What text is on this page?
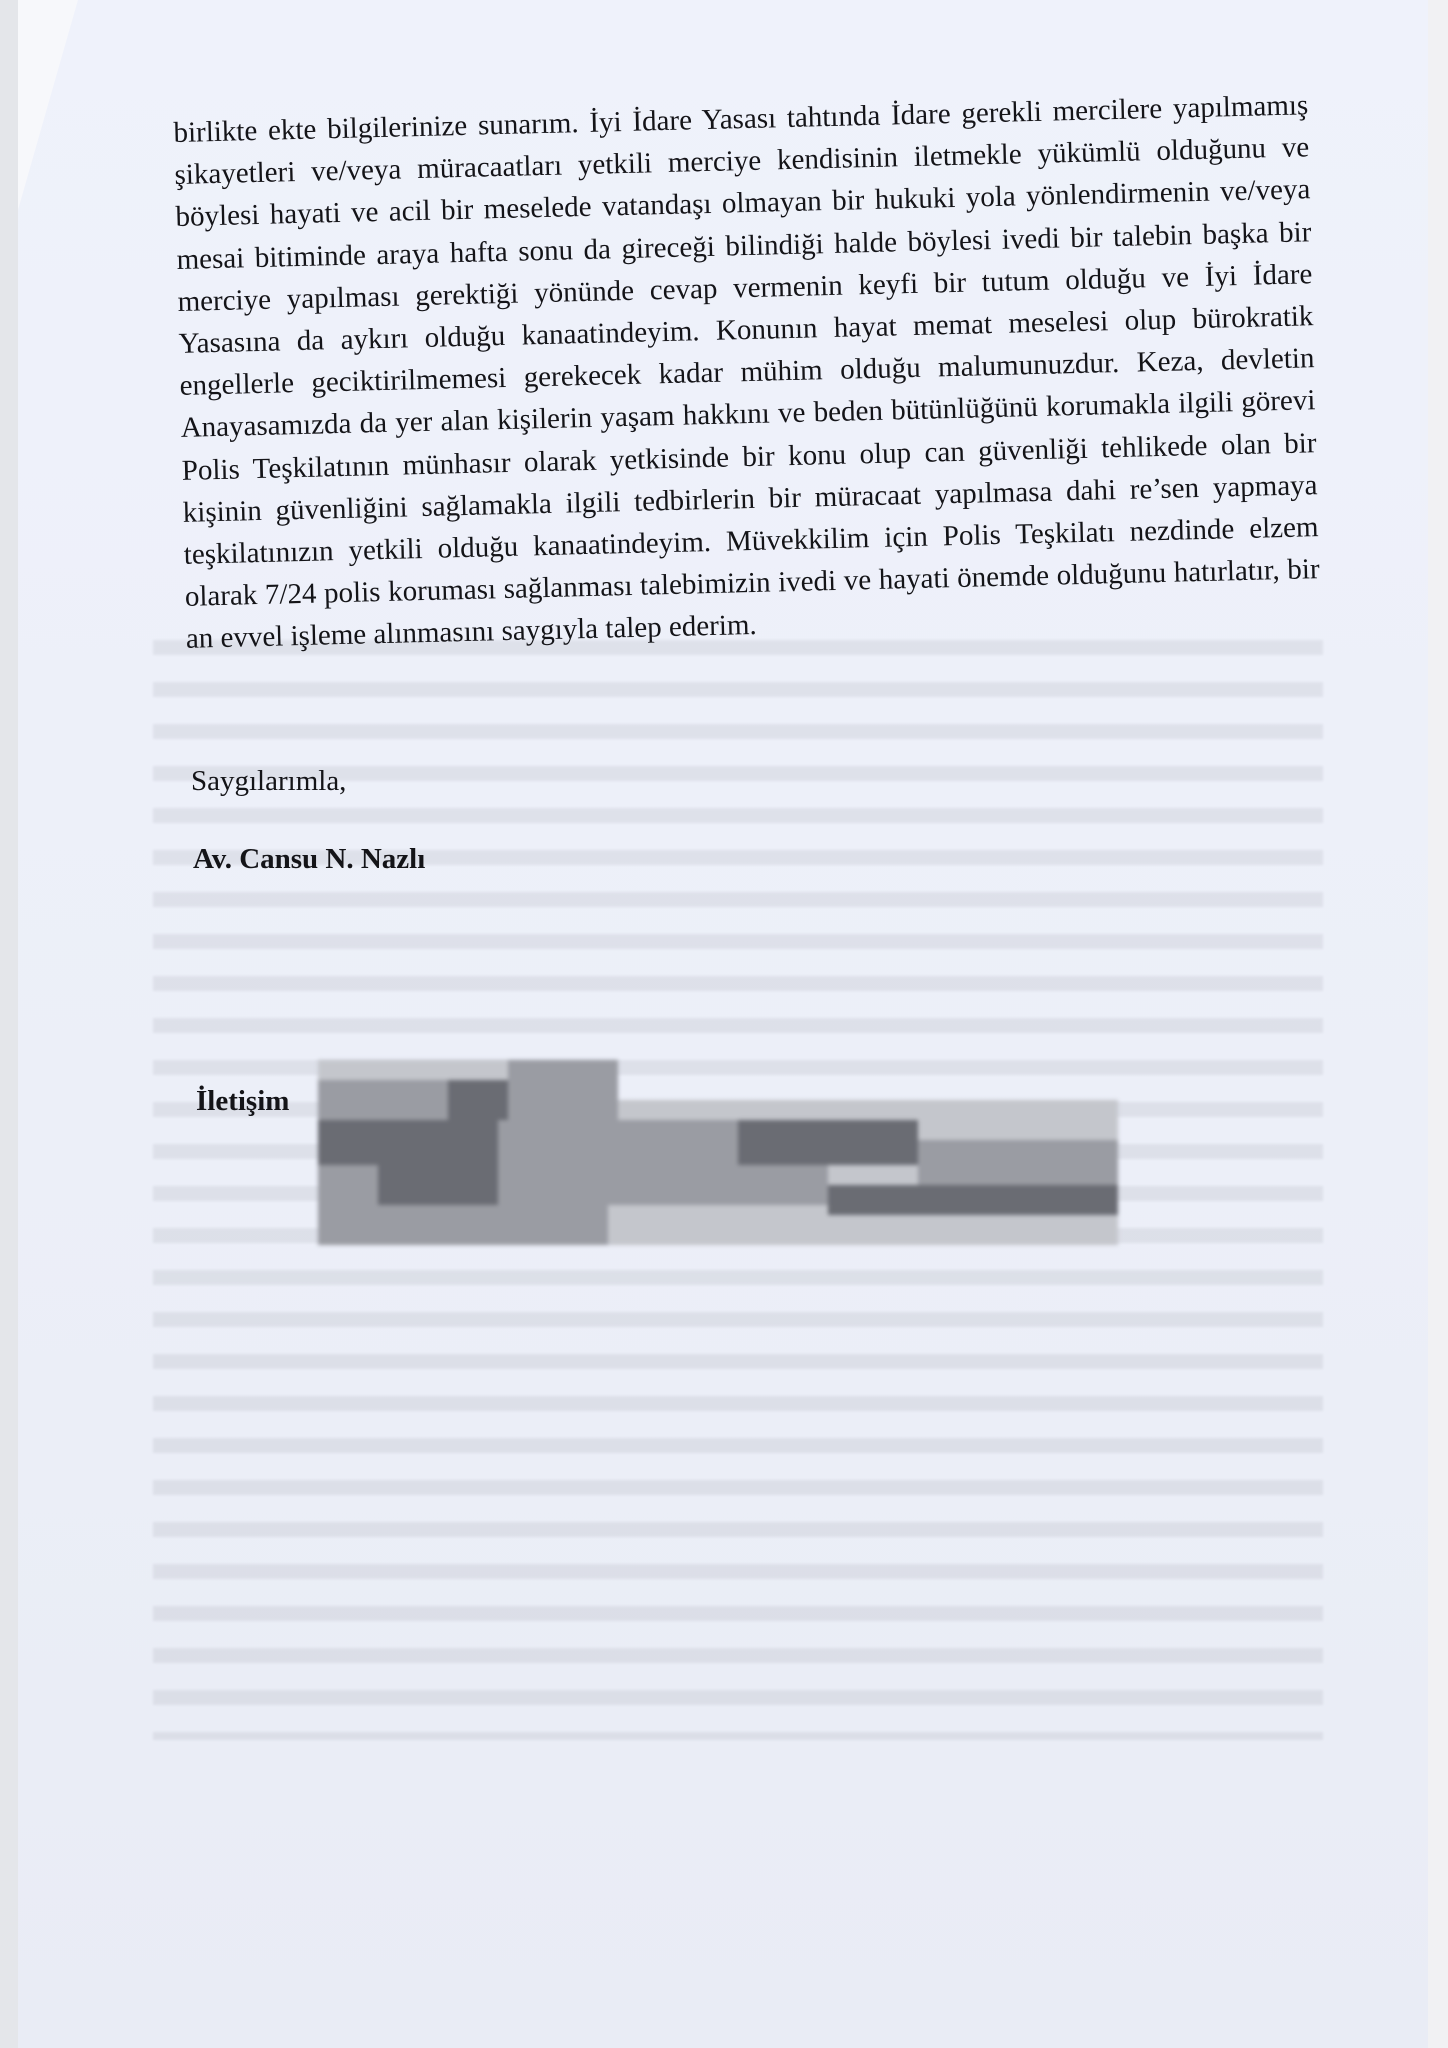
birlikte ekte bilgilerinize sunarım. İyi İdare Yasası tahtında İdare gerekli mercilere yapılmamış şikayetleri ve/veya müracaatları yetkili merciye kendisinin iletmekle yükümlü olduğunu ve böylesi hayati ve acil bir meselede vatandaşı olmayan bir hukuki yola yönlendirmenin ve/veya mesai bitiminde araya hafta sonu da gireceği bilindiği halde böylesi ivedi bir talebin başka bir merciye yapılması gerektiği yönünde cevap vermenin keyfi bir tutum olduğu ve İyi İdare Yasasına da aykırı olduğu kanaatindeyim. Konunın hayat memat meselesi olup bürokratik engellerle geciktirilmemesi gerekecek kadar mühim olduğu malumunuzdur. Keza, devletin Anayasamızda da yer alan kişilerin yaşam hakkını ve beden bütünlüğünü korumakla ilgili görevi Polis Teşkilatının münhasır olarak yetkisinde bir konu olup can güvenliği tehlikede olan bir kişinin güvenliğini sağlamakla ilgili tedbirlerin bir müracaat yapılmasa dahi re’sen yapmaya teşkilatınızın yetkili olduğu kanaatindeyim. Müvekkilim için Polis Teşkilatı nezdinde elzem olarak 7/24 polis koruması sağlanması talebimizin ivedi ve hayati önemde olduğunu hatırlatır, bir an evvel işleme alınmasını saygıyla talep ederim.

Saygılarımla,

Av. Cansu N. Nazlı

İletişim
